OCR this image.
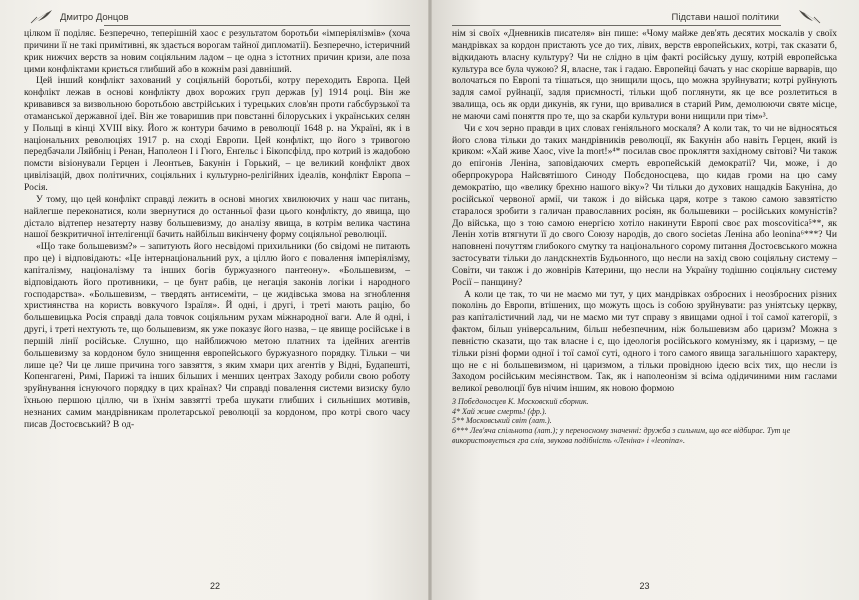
Дмитро Донцов

цілком її поділяє. Безперечно, теперішній хаос є результатом боротьби «імперіялізмів» (хоча причини її не такі примітивні, як здається ворогам тайної дипломатії). Безперечно, істеричний крик нижчих верств за новим соціяльним ладом – це одна з істотних причин кризи, але поза цими конфліктами криється глибший або в кожнім разі давніший.

Цей інший конфлікт захований у соціяльній боротьбі, котру переходить Европа. Цей конфлікт лежав в основі конфлікту двох ворожих груп держав [у] 1914 році. Він же кривавився за визвольною боротьбою австрійських і турецьких слов'ян проти габсбурзької та отаманської державної ідеї. Він же товаришив при повстанні білоруських і українських селян у Польщі в кінці XVIII віку. Його ж контури бачимо в революції 1648 р. на Україні, як і в національних революціях 1917 р. на сході Европи. Цей конфлікт, що його з тривогою передбачали Ляйбніц і Ренан, Наполеон І і Гюго, Енґельс і Бікопсфілд, про котрий із жадобою помсти візіонували Герцен і Леонтьев, Бакунін і Горький, – це великий конфлікт двох цивілізацій, двох політичних, соціяльних і культурно-релігійних ідеалів, конфлікт Европа – Росія.

У тому, що цей конфлікт справді лежить в основі многих хвилюючих у наш час питань, найлегше переконатися, коли звернутися до останньої фази цього конфлікту, до явища, що дістало відтепер незатерту назву большевизму, до аналізу явища, в котрім велика частина нашої безкритичної інтелігенції бачить найбільш викінчену форму соціяльної революції.

«Що таке большевизм?» – запитують його несвідомі прихильники (бо свідомі не питають про це) і відповідають: «Це інтернаціональний рух, а ціллю його є повалення імперіялізму, капіталізму, націоналізму та інших богів буржуазного пантеону». «Большевизм, – відповідають його противники, – це бунт рабів, це негація законів логіки і народного господарства». «Большевизм, – твердять антисеміти, – це жидівська змова на згноблення християнства на користь вовкучого Ізраїля». Й одні, і другі, і треті мають рацію, бо большевицька Росія справді дала товчок соціяльним рухам міжнародної ваги. Але й одні, і другі, і треті нехтують те, що большевизм, як уже показує його назва, – це явище російське і в першій лінії російське. Слушно, що найближчою метою платних та ідейних агентів большевизму за кордоном було знищення европейського буржуазного порядку. Тільки – чи лише це? Чи це лише причина того завзяття, з яким хмари цих агентів у Відні, Будапешті, Копенгагені, Римі, Парижі та інших більших і менших центрах Заходу робили свою роботу зруйнування існуючого порядку в цих країнах? Чи справді повалення системи визиску було їхньою першою ціллю, чи в їхнім завзятті треба шукати глибших і сильніших мотивів, незнаних самим мандрівникам пролетарської революції за кордоном, про котрі свого часу писав Достоєвський? В од-

22
Підстави нашої політики

нім зі своїх «Дневників писателя» він пише: «Чому майже дев'ять десятих москалів у своїх мандрівках за кордон пристають усе до тих, лівих, верств европейських, котрі, так сказати б, відкидають власну культуру? Чи не слідно в цім факті російську душу, котрій европейська культура все була чужою? Я, власне, так і гадаю. Европейці бачать у нас скоріше варварів, що волочаться по Европі та тішаться, що знищили щось, що можна зруйнувати; котрі руйнують задля самої руйнації, задля приємності, тільки щоб поглянути, як це все розлетиться в звалища, ось як орди дикунів, як гуни, що вривалися в старий Рим, демолюючи святе місце, не маючи самі поняття про те, що за скарби культури вони нищили при тім»³.

Чи є хоч зерно правди в цих словах геніяльного москаля? А коли так, то чи не відносяться його слова тільки до таких мандрівників революції, як Бакунін або навіть Герцен, який із криком: «Хай живе Хаос, vive la mort!»⁴* посилав своє прокляття західному світові? Чи також до епігонів Леніна, заповідаючих смерть европейській демократії? Чи, може, і до оберпрокурора Найсвятішого Синоду Побєдоносцева, що кидав громи на цю саму демократію, що «велику брехню нашого віку»? Чи тільки до духових нащадків Бакуніна, до російської червоної армії, чи також і до війська царя, котре з такою самою завзятістю старалося зробити з галичан православних росіян, як большевики – російських комуністів? До війська, що з тою самою енергією хотіло накинути Европі своє pax moscovitica⁵**, як Ленін хотів втягнути її до свого Союзу народів, до свого societas Леніна або leonina⁶***? Чи наповнені почуттям глибокого смутку та національного сорому питання Достоєвського можна застосувати тільки до ландскнехтів Будьонного, що несли на захід свою соціяльну систему – Совіти, чи також і до жовнірів Катерини, що несли на Україну тодішню соціяльну систему Росії – панщину?

А коли це так, то чи не маємо ми тут, у цих мандрівках озброєних і неозброєних різних поколінь до Европи, втішених, що можуть щось із собою зруйнувати: раз уніятську церкву, раз капіталістичний лад, чи не маємо ми тут справу з явищами одної і тої самої категорії, з фактом, більш універсальним, більш небезпечним, ніж большевизм або царизм? Можна з певністю сказати, що так власне і є, що ідеологія російського комунізму, як і царизму, – це тільки різні форми одної і тої самої суті, одного і того самого явища загальнішого характеру, що не є ні большевизмом, ні царизмом, а тільки провідною ідеєю всіх тих, що несли із Заходом російським месіянством. Так, як і наполеонізм зі всіма одідичиними ним гаслами великої революції був нічим іншим, як новою формою

3 Побєдоносцев К. Московский сборник.

4* Хай живе смерть! (фр.).

5** Московський світ (лат.).

6*** Лев'яча спільнота (лат.); у переносному значенні: дружба з сильним, що все відбирає. Тут це використовується гра слів, звукова подібність «Леніна» і «leonina».

23
